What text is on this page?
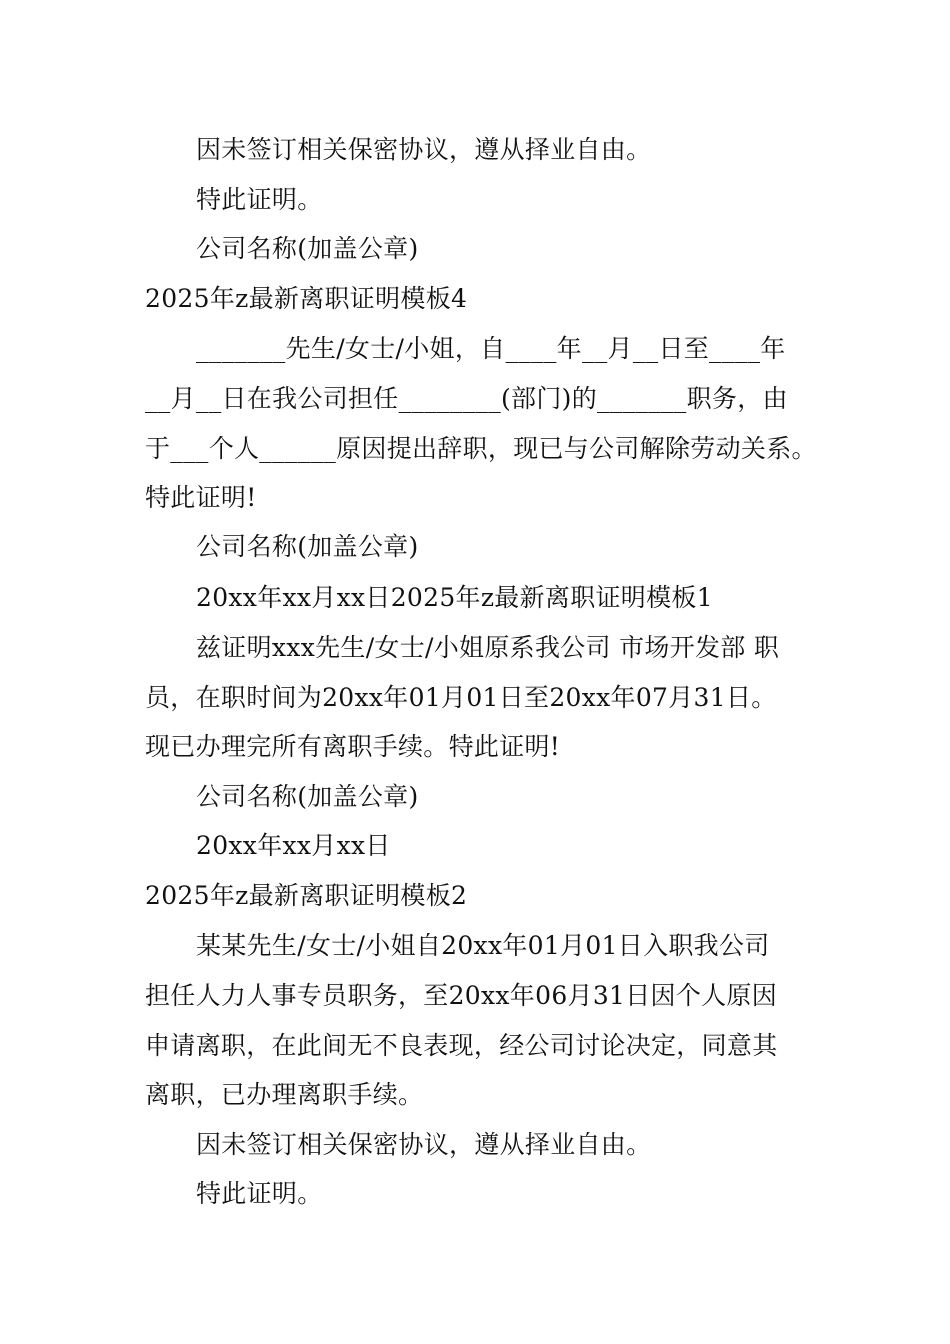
因未签订相关保密协议，遵从择业自由。
特此证明。
公司名称(加盖公章)
2025年z最新离职证明模板4
_______先生/女士/小姐，自____年__月__日至____年
__月__日在我公司担任________(部门)的_______职务，由
于___个人______原因提出辞职，现已与公司解除劳动关系。
特此证明!
公司名称(加盖公章)
20xx年xx月xx日2025年z最新离职证明模板1
兹证明xxx先生/女士/小姐原系我公司 市场开发部 职
员，在职时间为20xx年01月01日至20xx年07月31日。
现已办理完所有离职手续。特此证明!
公司名称(加盖公章)
20xx年xx月xx日
2025年z最新离职证明模板2
某某先生/女士/小姐自20xx年01月01日入职我公司
担任人力人事专员职务，至20xx年06月31日因个人原因
申请离职，在此间无不良表现，经公司讨论决定，同意其
离职，已办理离职手续。
因未签订相关保密协议，遵从择业自由。
特此证明。
